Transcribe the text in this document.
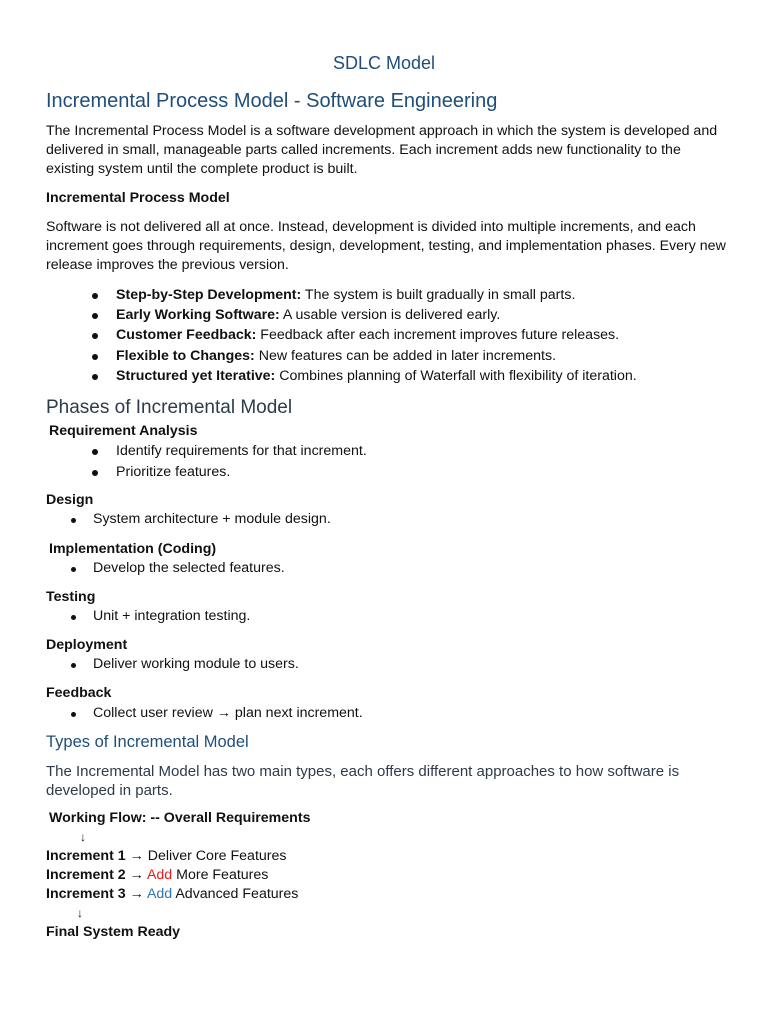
SDLC Model
Incremental Process Model - Software Engineering
The Incremental Process Model is a software development approach in which the system is developed and delivered in small, manageable parts called increments. Each increment adds new functionality to the existing system until the complete product is built.
Incremental Process Model
Software is not delivered all at once. Instead, development is divided into multiple increments, and each increment goes through requirements, design, development, testing, and implementation phases. Every new release improves the previous version.
Step-by-Step Development: The system is built gradually in small parts.
Early Working Software: A usable version is delivered early.
Customer Feedback: Feedback after each increment improves future releases.
Flexible to Changes: New features can be added in later increments.
Structured yet Iterative: Combines planning of Waterfall with flexibility of iteration.
Phases of Incremental Model
Requirement Analysis
Identify requirements for that increment.
Prioritize features.
Design
System architecture + module design.
Implementation (Coding)
Develop the selected features.
Testing
Unit + integration testing.
Deployment
Deliver working module to users.
Feedback
Collect user review → plan next increment.
Types of Incremental Model
The Incremental Model has two main types, each offers different approaches to how software is developed in parts.
Working Flow: -- Overall Requirements
↓
Increment 1 → Deliver Core Features
Increment 2 → Add More Features
Increment 3 → Add Advanced Features
↓
Final System Ready
